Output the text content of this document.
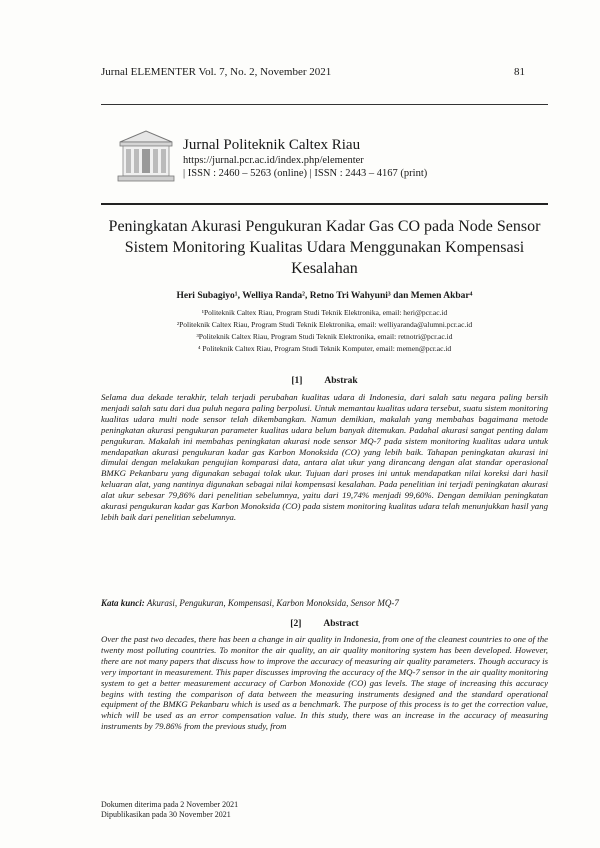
Jurnal ELEMENTER Vol. 7, No. 2, November 2021	81
Jurnal Politeknik Caltex Riau
https://jurnal.pcr.ac.id/index.php/elementer
| ISSN : 2460 – 5263 (online) | ISSN : 2443 – 4167 (print)
Peningkatan Akurasi Pengukuran Kadar Gas CO pada Node Sensor Sistem Monitoring Kualitas Udara Menggunakan Kompensasi Kesalahan
Heri Subagiyo¹, Welliya Randa², Retno Tri Wahyuni³ dan Memen Akbar⁴
¹Politeknik Caltex Riau, Program Studi Teknik Elektronika, email: heri@pcr.ac.id
²Politeknik Caltex Riau, Program Studi Teknik Elektronika, email: welliyaranda@alumni.pcr.ac.id
³Politeknik Caltex Riau, Program Studi Teknik Elektronika, email: retnotri@pcr.ac.id
⁴ Politeknik Caltex Riau, Program Studi Teknik Komputer, email: memen@pcr.ac.id
[1] Abstrak
Selama dua dekade terakhir, telah terjadi perubahan kualitas udara di Indonesia, dari salah satu negara paling bersih menjadi salah satu dari dua puluh negara paling berpolusi. Untuk memantau kualitas udara tersebut, suatu sistem monitoring kualitas udara multi node sensor telah dikembangkan. Namun demikian, makalah yang membahas bagaimana metode peningkatan akurasi pengukuran parameter kualitas udara belum banyak ditemukan. Padahal akurasi sangat penting dalam pengukuran. Makalah ini membahas peningkatan akurasi node sensor MQ-7 pada sistem monitoring kualitas udara untuk mendapatkan akurasi pengukuran kadar gas Karbon Monoksida (CO) yang lebih baik. Tahapan peningkatan akurasi ini dimulai dengan melakukan pengujian komparasi data, antara alat ukur yang dirancang dengan alat standar operasional BMKG Pekanbaru yang digunakan sebagai tolak ukur. Tujuan dari proses ini untuk mendapatkan nilai koreksi dari hasil keluaran alat, yang nantinya digunakan sebagai nilai kompensasi kesalahan. Pada penelitian ini terjadi peningkatan akurasi alat ukur sebesar 79,86% dari penelitian sebelumnya, yaitu dari 19,74% menjadi 99,60%. Dengan demikian peningkatan akurasi pengukuran kadar gas Karbon Monoksida (CO) pada sistem monitoring kualitas udara telah menunjukkan hasil yang lebih baik dari penelitian sebelumnya.
Kata kunci: Akurasi, Pengukuran, Kompensasi, Karbon Monoksida, Sensor MQ-7
[2] Abstract
Over the past two decades, there has been a change in air quality in Indonesia, from one of the cleanest countries to one of the twenty most polluting countries. To monitor the air quality, an air quality monitoring system has been developed. However, there are not many papers that discuss how to improve the accuracy of measuring air quality parameters. Though accuracy is very important in measurement. This paper discusses improving the accuracy of the MQ-7 sensor in the air quality monitoring system to get a better measurement accuracy of Carbon Monoxide (CO) gas levels. The stage of increasing this accuracy begins with testing the comparison of data between the measuring instruments designed and the standard operational equipment of the BMKG Pekanbaru which is used as a benchmark. The purpose of this process is to get the correction value, which will be used as an error compensation value. In this study, there was an increase in the accuracy of measuring instruments by 79.86% from the previous study, from
Dokumen diterima pada 2 November 2021
Dipublikasikan pada 30 November 2021
